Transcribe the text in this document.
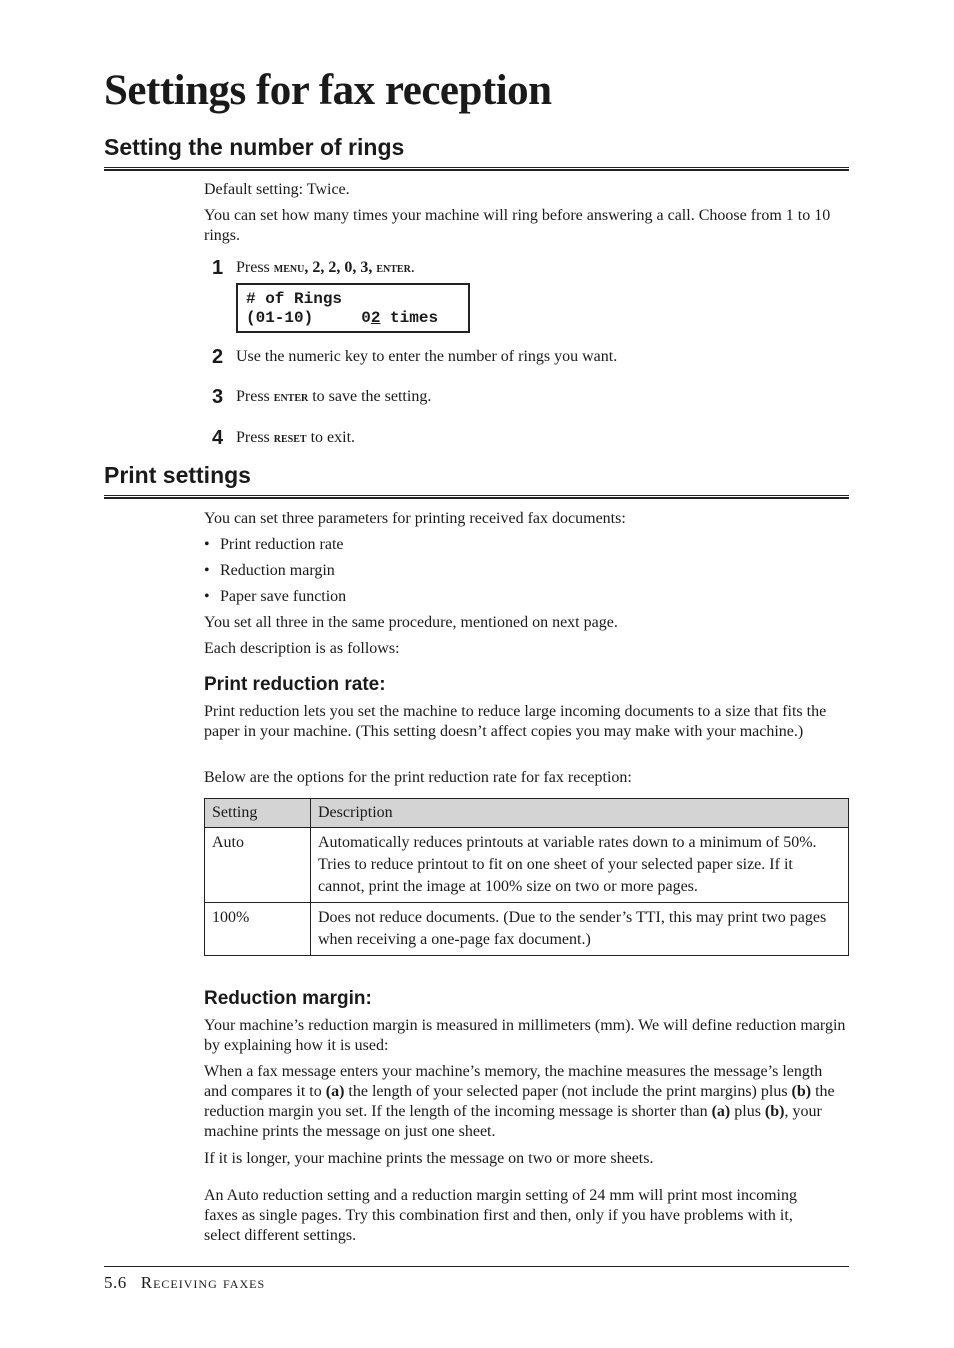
Settings for fax reception
Setting the number of rings

Default setting: Twice.

You can set how many times your machine will ring before answering a call. Choose from 1 to 10 rings.

1 Press menu, 2, 2, 0, 3, enter.

# of Rings
(01-10)     02 times
2 Use the numeric key to enter the number of rings you want.

3 Press enter to save the setting.

4 Press reset to exit.

Print settings

You can set three parameters for printing received fax documents:

• Print reduction rate

• Reduction margin

• Paper save function

You set all three in the same procedure, mentioned on next page.

Each description is as follows:

Print reduction rate:

Print reduction lets you set the machine to reduce large incoming documents to a size that fits the paper in your machine. (This setting doesn’t affect copies you may make with your machine.)

Below are the options for the print reduction rate for fax reception:

Setting	Description
Auto	Automatically reduces printouts at variable rates down to a minimum of 50%. Tries to reduce printout to fit on one sheet of your selected paper size. If it cannot, print the image at 100% size on two or more pages.
100%	Does not reduce documents. (Due to the sender’s TTI, this may print two pages when receiving a one-page fax document.)
Reduction margin:

Your machine’s reduction margin is measured in millimeters (mm). We will define reduction margin by explaining how it is used:

When a fax message enters your machine’s memory, the machine measures the message’s length and compares it to (a) the length of your selected paper (not include the print margins) plus (b) the reduction margin you set. If the length of the incoming message is shorter than (a) plus (b), your machine prints the message on just one sheet.

If it is longer, your machine prints the message on two or more sheets.

An Auto reduction setting and a reduction margin setting of 24 mm will print most incoming faxes as single pages. Try this combination first and then, only if you have problems with it, select different settings.

5.6 Receiving faxes
